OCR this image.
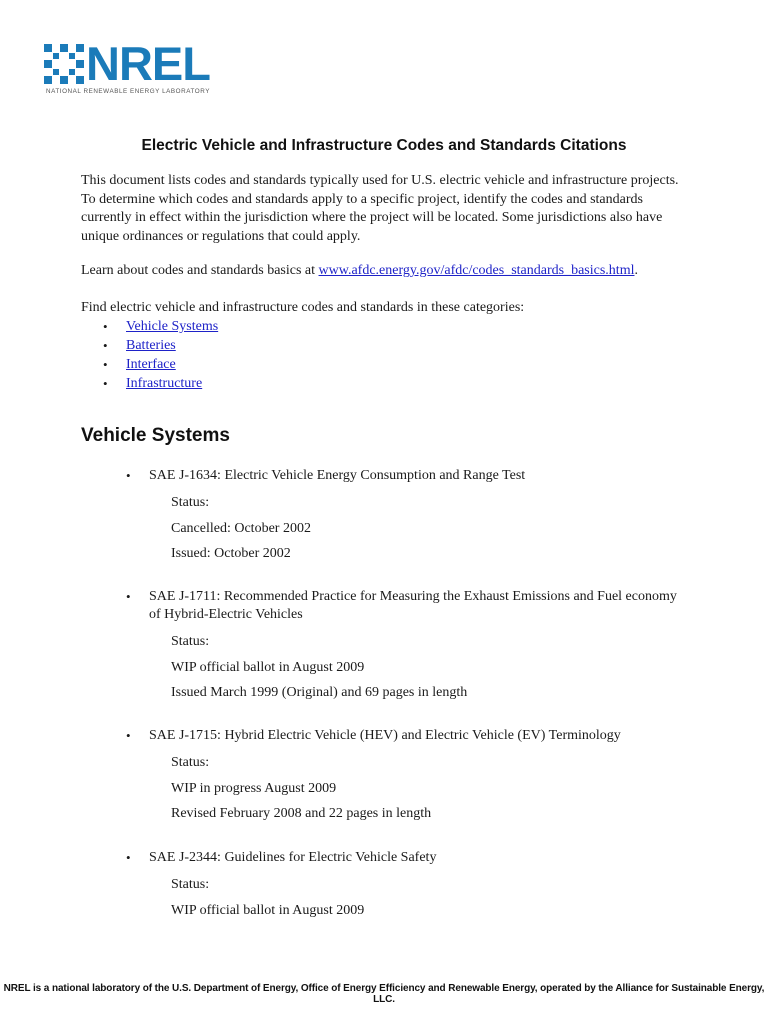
NREL
NATIONAL RENEWABLE ENERGY LABORATORY
Electric Vehicle and Infrastructure Codes and Standards Citations

This document lists codes and standards typically used for U.S. electric vehicle and infrastructure projects. To determine which codes and standards apply to a specific project, identify the codes and standards currently in effect within the jurisdiction where the project will be located. Some jurisdictions also have unique ordinances or regulations that could apply.

Learn about codes and standards basics at www.afdc.energy.gov/afdc/codes_standards_basics.html.

Find electric vehicle and infrastructure codes and standards in these categories:

• Vehicle Systems
• Batteries
• Interface
• Infrastructure
Vehicle Systems
• SAE J-1634: Electric Vehicle Energy Consumption and Range Test
Status:
Cancelled: October 2002
Issued: October 2002
• SAE J-1711: Recommended Practice for Measuring the Exhaust Emissions and Fuel economy of Hybrid-Electric Vehicles
Status:
WIP official ballot in August 2009
Issued March 1999 (Original) and 69 pages in length
• SAE J-1715: Hybrid Electric Vehicle (HEV) and Electric Vehicle (EV) Terminology
Status:
WIP in progress August 2009
Revised February 2008 and 22 pages in length
• SAE J-2344: Guidelines for Electric Vehicle Safety
Status:
WIP official ballot in August 2009
NREL is a national laboratory of the U.S. Department of Energy, Office of Energy Efficiency and Renewable Energy, operated by the Alliance for Sustainable Energy, LLC.
